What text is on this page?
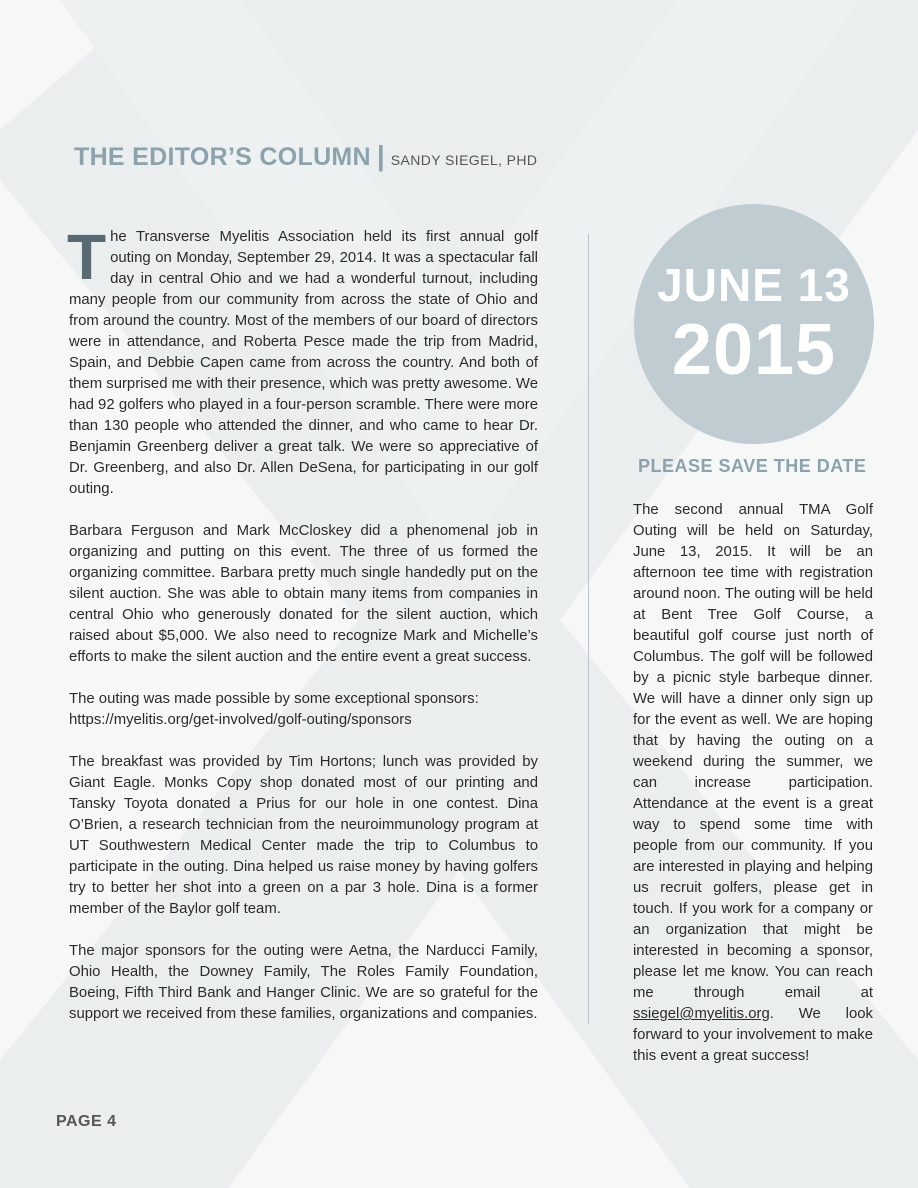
THE EDITOR’S COLUMN | SANDY SIEGEL, PHD

The Transverse Myelitis Association held its first annual golf outing on Monday, September 29, 2014. It was a spectacular fall day in central Ohio and we had a wonderful turnout, including many people from our community from across the state of Ohio and from around the country. Most of the members of our board of directors were in attendance, and Roberta Pesce made the trip from Madrid, Spain, and Debbie Capen came from across the country. And both of them surprised me with their presence, which was pretty awesome. We had 92 golfers who played in a four-person scramble. There were more than 130 people who attended the dinner, and who came to hear Dr. Benjamin Greenberg deliver a great talk. We were so appreciative of Dr. Greenberg, and also Dr. Allen DeSena, for participating in our golf outing.

Barbara Ferguson and Mark McCloskey did a phenomenal job in organizing and putting on this event. The three of us formed the organizing committee. Barbara pretty much single handedly put on the silent auction. She was able to obtain many items from companies in central Ohio who generously donated for the silent auction, which raised about $5,000. We also need to recognize Mark and Michelle’s efforts to make the silent auction and the entire event a great success.

The outing was made possible by some exceptional sponsors:
https://myelitis.org/get-involved/golf-outing/sponsors

The breakfast was provided by Tim Hortons; lunch was provided by Giant Eagle. Monks Copy shop donated most of our printing and Tansky Toyota donated a Prius for our hole in one contest. Dina O’Brien, a research technician from the neuroimmunology program at UT Southwestern Medical Center made the trip to Columbus to participate in the outing. Dina helped us raise money by having golfers try to better her shot into a green on a par 3 hole. Dina is a former member of the Baylor golf team.

The major sponsors for the outing were Aetna, the Narducci Family, Ohio Health, the Downey Family, The Roles Family Foundation, Boeing, Fifth Third Bank and Hanger Clinic. We are so grateful for the support we received from these families, organizations and companies.

JUNE 13
2015
PLEASE SAVE THE DATE
The second annual TMA Golf Outing will be held on Saturday, June 13, 2015. It will be an afternoon tee time with registration around noon. The outing will be held at Bent Tree Golf Course, a beautiful golf course just north of Columbus. The golf will be followed by a picnic style barbeque dinner. We will have a dinner only sign up for the event as well. We are hoping that by having the outing on a weekend during the summer, we can increase participation. Attendance at the event is a great way to spend some time with people from our community. If you are interested in playing and helping us recruit golfers, please get in touch. If you work for a company or an organization that might be interested in becoming a sponsor, please let me know. You can reach me through email at ssiegel@myelitis.org. We look forward to your involvement to make this event a great success!
PAGE 4
